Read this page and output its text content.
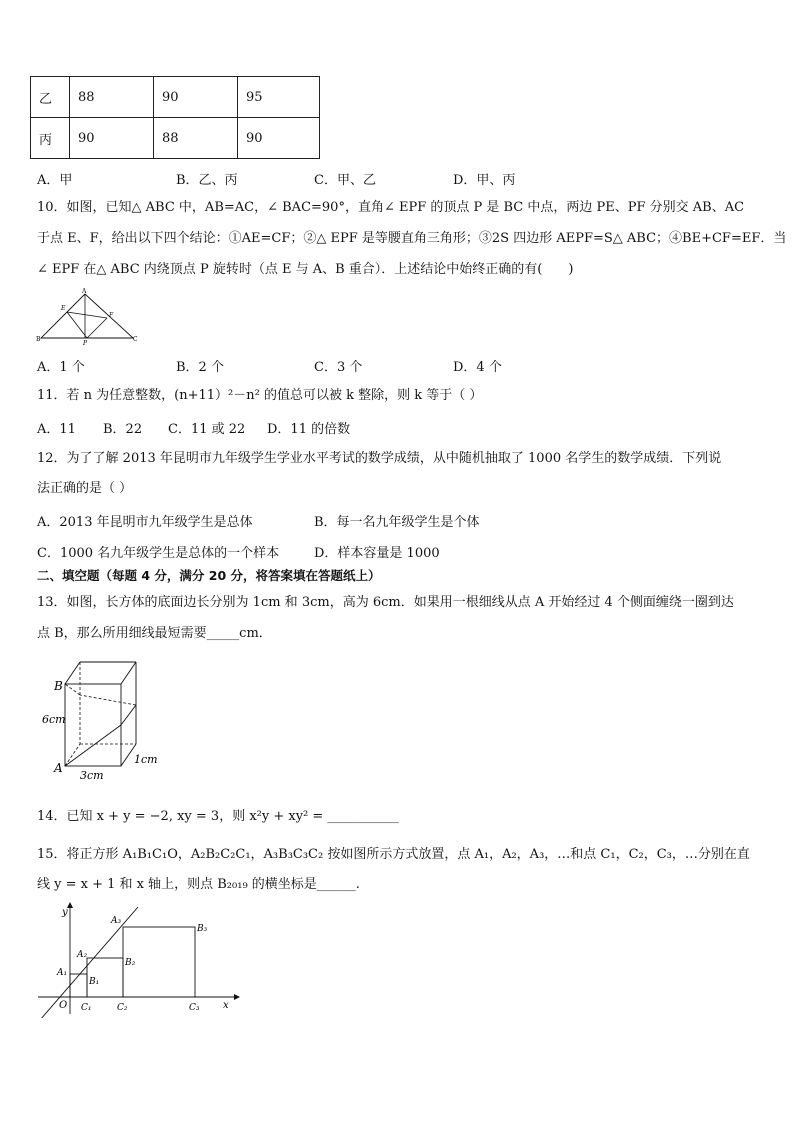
乙	88	90	95
丙	90	88	90
A．甲	B．乙、丙	C．甲、乙	D．甲、丙
10．如图，已知△ ABC 中，AB=AC，∠ BAC=90°，直角∠ EPF 的顶点 P 是 BC 中点，两边 PE、PF 分别交 AB、AC
于点 E、F，给出以下四个结论：①AE=CF；②△ EPF 是等腰直角三角形；③2S 四边形 AEPF=S△ ABC；④BE+CF=EF．当
∠ EPF 在△ ABC 内绕顶点 P 旋转时（点 E 与 A、B 重合）．上述结论中始终正确的有(　　)
A
E
F
B	C
P
A．1 个	B．2 个	C．3 个	D．4 个
11．若 n 为任意整数，(n+11）²－n² 的值总可以被 k 整除，则 k 等于（ ）
A．11 B．22 C．11 或 22 D．11 的倍数
12．为了了解 2013 年昆明市九年级学生学业水平考试的数学成绩，从中随机抽取了 1000 名学生的数学成绩．下列说
法正确的是（ ）
A．2013 年昆明市九年级学生是总体	B．每一名九年级学生是个体
C．1000 名九年级学生是总体的一个样本	D．样本容量是 1000
二、填空题（每题 4 分，满分 20 分，将答案填在答题纸上）
13．如图，长方体的底面边长分别为 1cm 和 3cm，高为 6cm．如果用一根细线从点 A 开始经过 4 个侧面缠绕一圈到达
点 B，那么所用细线最短需要_____cm．
B
A
6cm
3cm
1cm
14．已知 x + y = −2, xy = 3，则 x²y + xy² = ___________
15．将正方形 A₁B₁C₁O，A₂B₂C₂C₁，A₃B₃C₃C₂ 按如图所示方式放置，点 A₁，A₂，A₃，…和点 C₁，C₂，C₃，…分别在直
线 y = x + 1 和 x 轴上，则点 B₂₀₁₉ 的横坐标是______.
y
x
O
A₁
A₂
A₃
B₁
B₂
B₃
C₁	C₂	C₃
